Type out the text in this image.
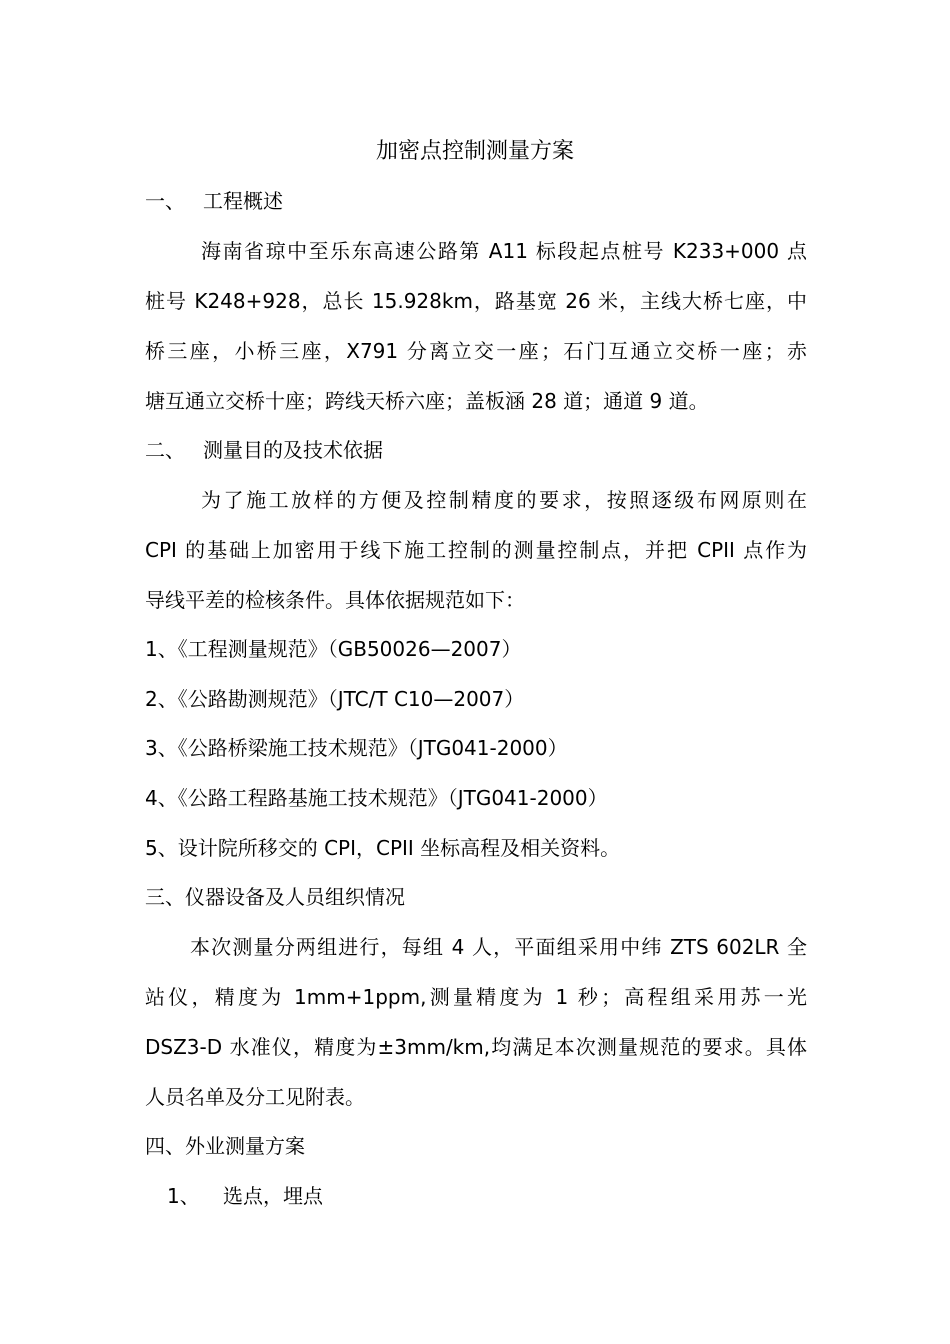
加密点控制测量方案
一、 工程概述
海南省琼中至乐东高速公路第 A11 标段起点桩号 K233+000 点
桩号 K248+928，总长 15.928km，路基宽 26 米，主线大桥七座，中
桥三座，小桥三座，X791 分离立交一座；石门互通立交桥一座；赤
塘互通立交桥十座；跨线天桥六座；盖板涵 28 道；通道 9 道。
二、 测量目的及技术依据
为了施工放样的方便及控制精度的要求，按照逐级布网原则在
CPI 的基础上加密用于线下施工控制的测量控制点，并把 CPII 点作为
导线平差的检核条件。具体依据规范如下：
1、《工程测量规范》（GB50026—2007）
2、《公路勘测规范》（JTC/T C10—2007）
3、《公路桥梁施工技术规范》（JTG041-2000）
4、《公路工程路基施工技术规范》（JTG041-2000）
5、设计院所移交的 CPI，CPII 坐标高程及相关资料。
三、仪器设备及人员组织情况
本次测量分两组进行，每组 4 人，平面组采用中纬 ZTS 602LR 全
站仪，精度为 1mm+1ppm,测量精度为 1 秒；高程组采用苏一光
DSZ3-D 水准仪，精度为±3mm/km,均满足本次测量规范的要求。具体
人员名单及分工见附表。
四、外业测量方案
1、 选点，埋点
